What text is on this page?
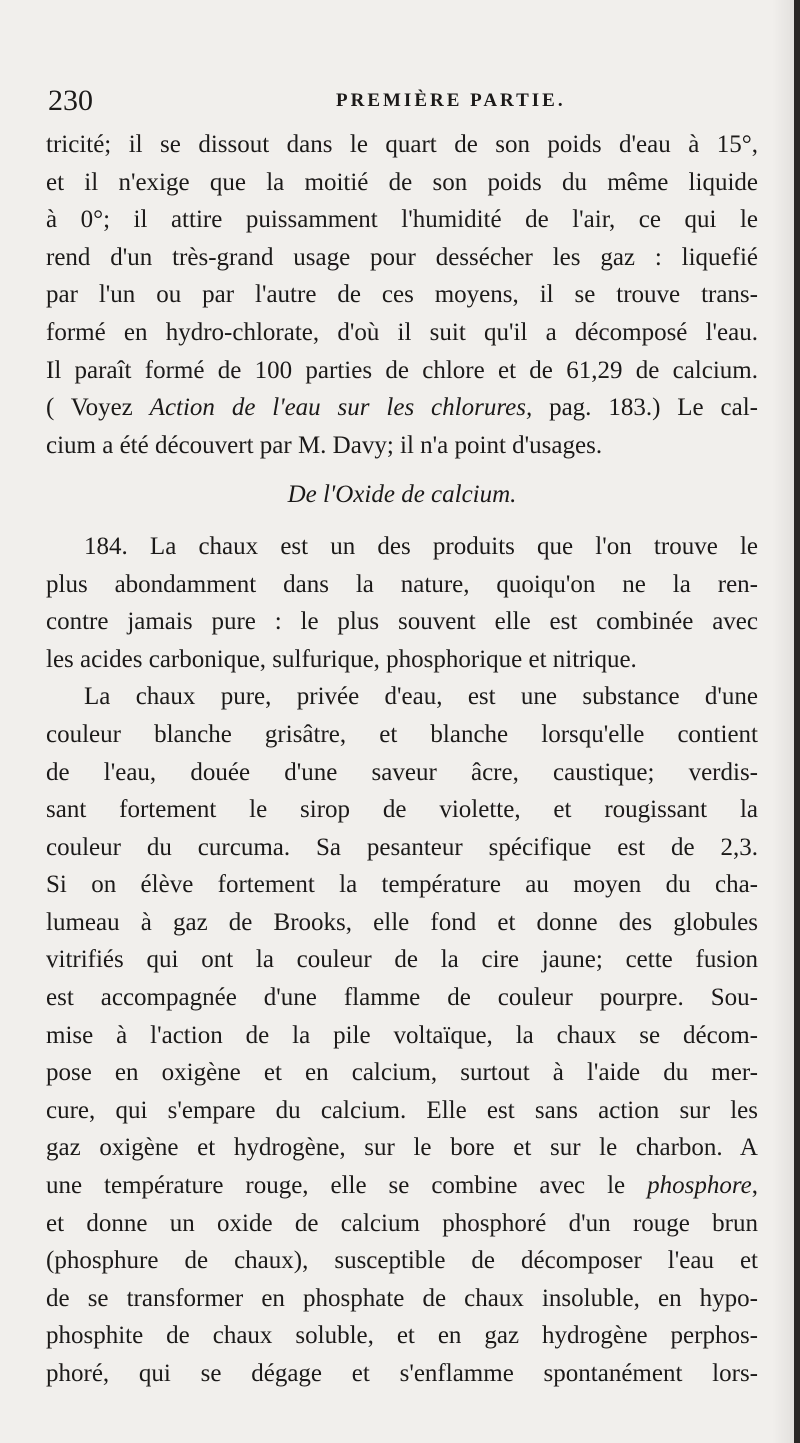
230	PREMIÈRE PARTIE.
tricité; il se dissout dans le quart de son poids d'eau à 15°,
et il n'exige que la moitié de son poids du même liquide
à 0°; il attire puissamment l'humidité de l'air, ce qui le
rend d'un très-grand usage pour dessécher les gaz : liquefié
par l'un ou par l'autre de ces moyens, il se trouve trans-
formé en hydro-chlorate, d'où il suit qu'il a décomposé l'eau.
Il paraît formé de 100 parties de chlore et de 61,29 de calcium.
( Voyez Action de l'eau sur les chlorures, pag. 183.) Le cal-
cium a été découvert par M. Davy; il n'a point d'usages.
De l'Oxide de calcium.
184. La chaux est un des produits que l'on trouve le
plus abondamment dans la nature, quoiqu'on ne la ren-
contre jamais pure : le plus souvent elle est combinée avec
les acides carbonique, sulfurique, phosphorique et nitrique.
La chaux pure, privée d'eau, est une substance d'une
couleur blanche grisâtre, et blanche lorsqu'elle contient
de l'eau, douée d'une saveur âcre, caustique; verdis-
sant fortement le sirop de violette, et rougissant la
couleur du curcuma. Sa pesanteur spécifique est de 2,3.
Si on élève fortement la température au moyen du cha-
lumeau à gaz de Brooks, elle fond et donne des globules
vitrifiés qui ont la couleur de la cire jaune; cette fusion
est accompagnée d'une flamme de couleur pourpre. Sou-
mise à l'action de la pile voltaïque, la chaux se décom-
pose en oxigène et en calcium, surtout à l'aide du mer-
cure, qui s'empare du calcium. Elle est sans action sur les
gaz oxigène et hydrogène, sur le bore et sur le charbon. A
une température rouge, elle se combine avec le phosphore,
et donne un oxide de calcium phosphoré d'un rouge brun
(phosphure de chaux), susceptible de décomposer l'eau et
de se transformer en phosphate de chaux insoluble, en hypo-
phosphite de chaux soluble, et en gaz hydrogène perphos-
phoré, qui se dégage et s'enflamme spontanément lors-
